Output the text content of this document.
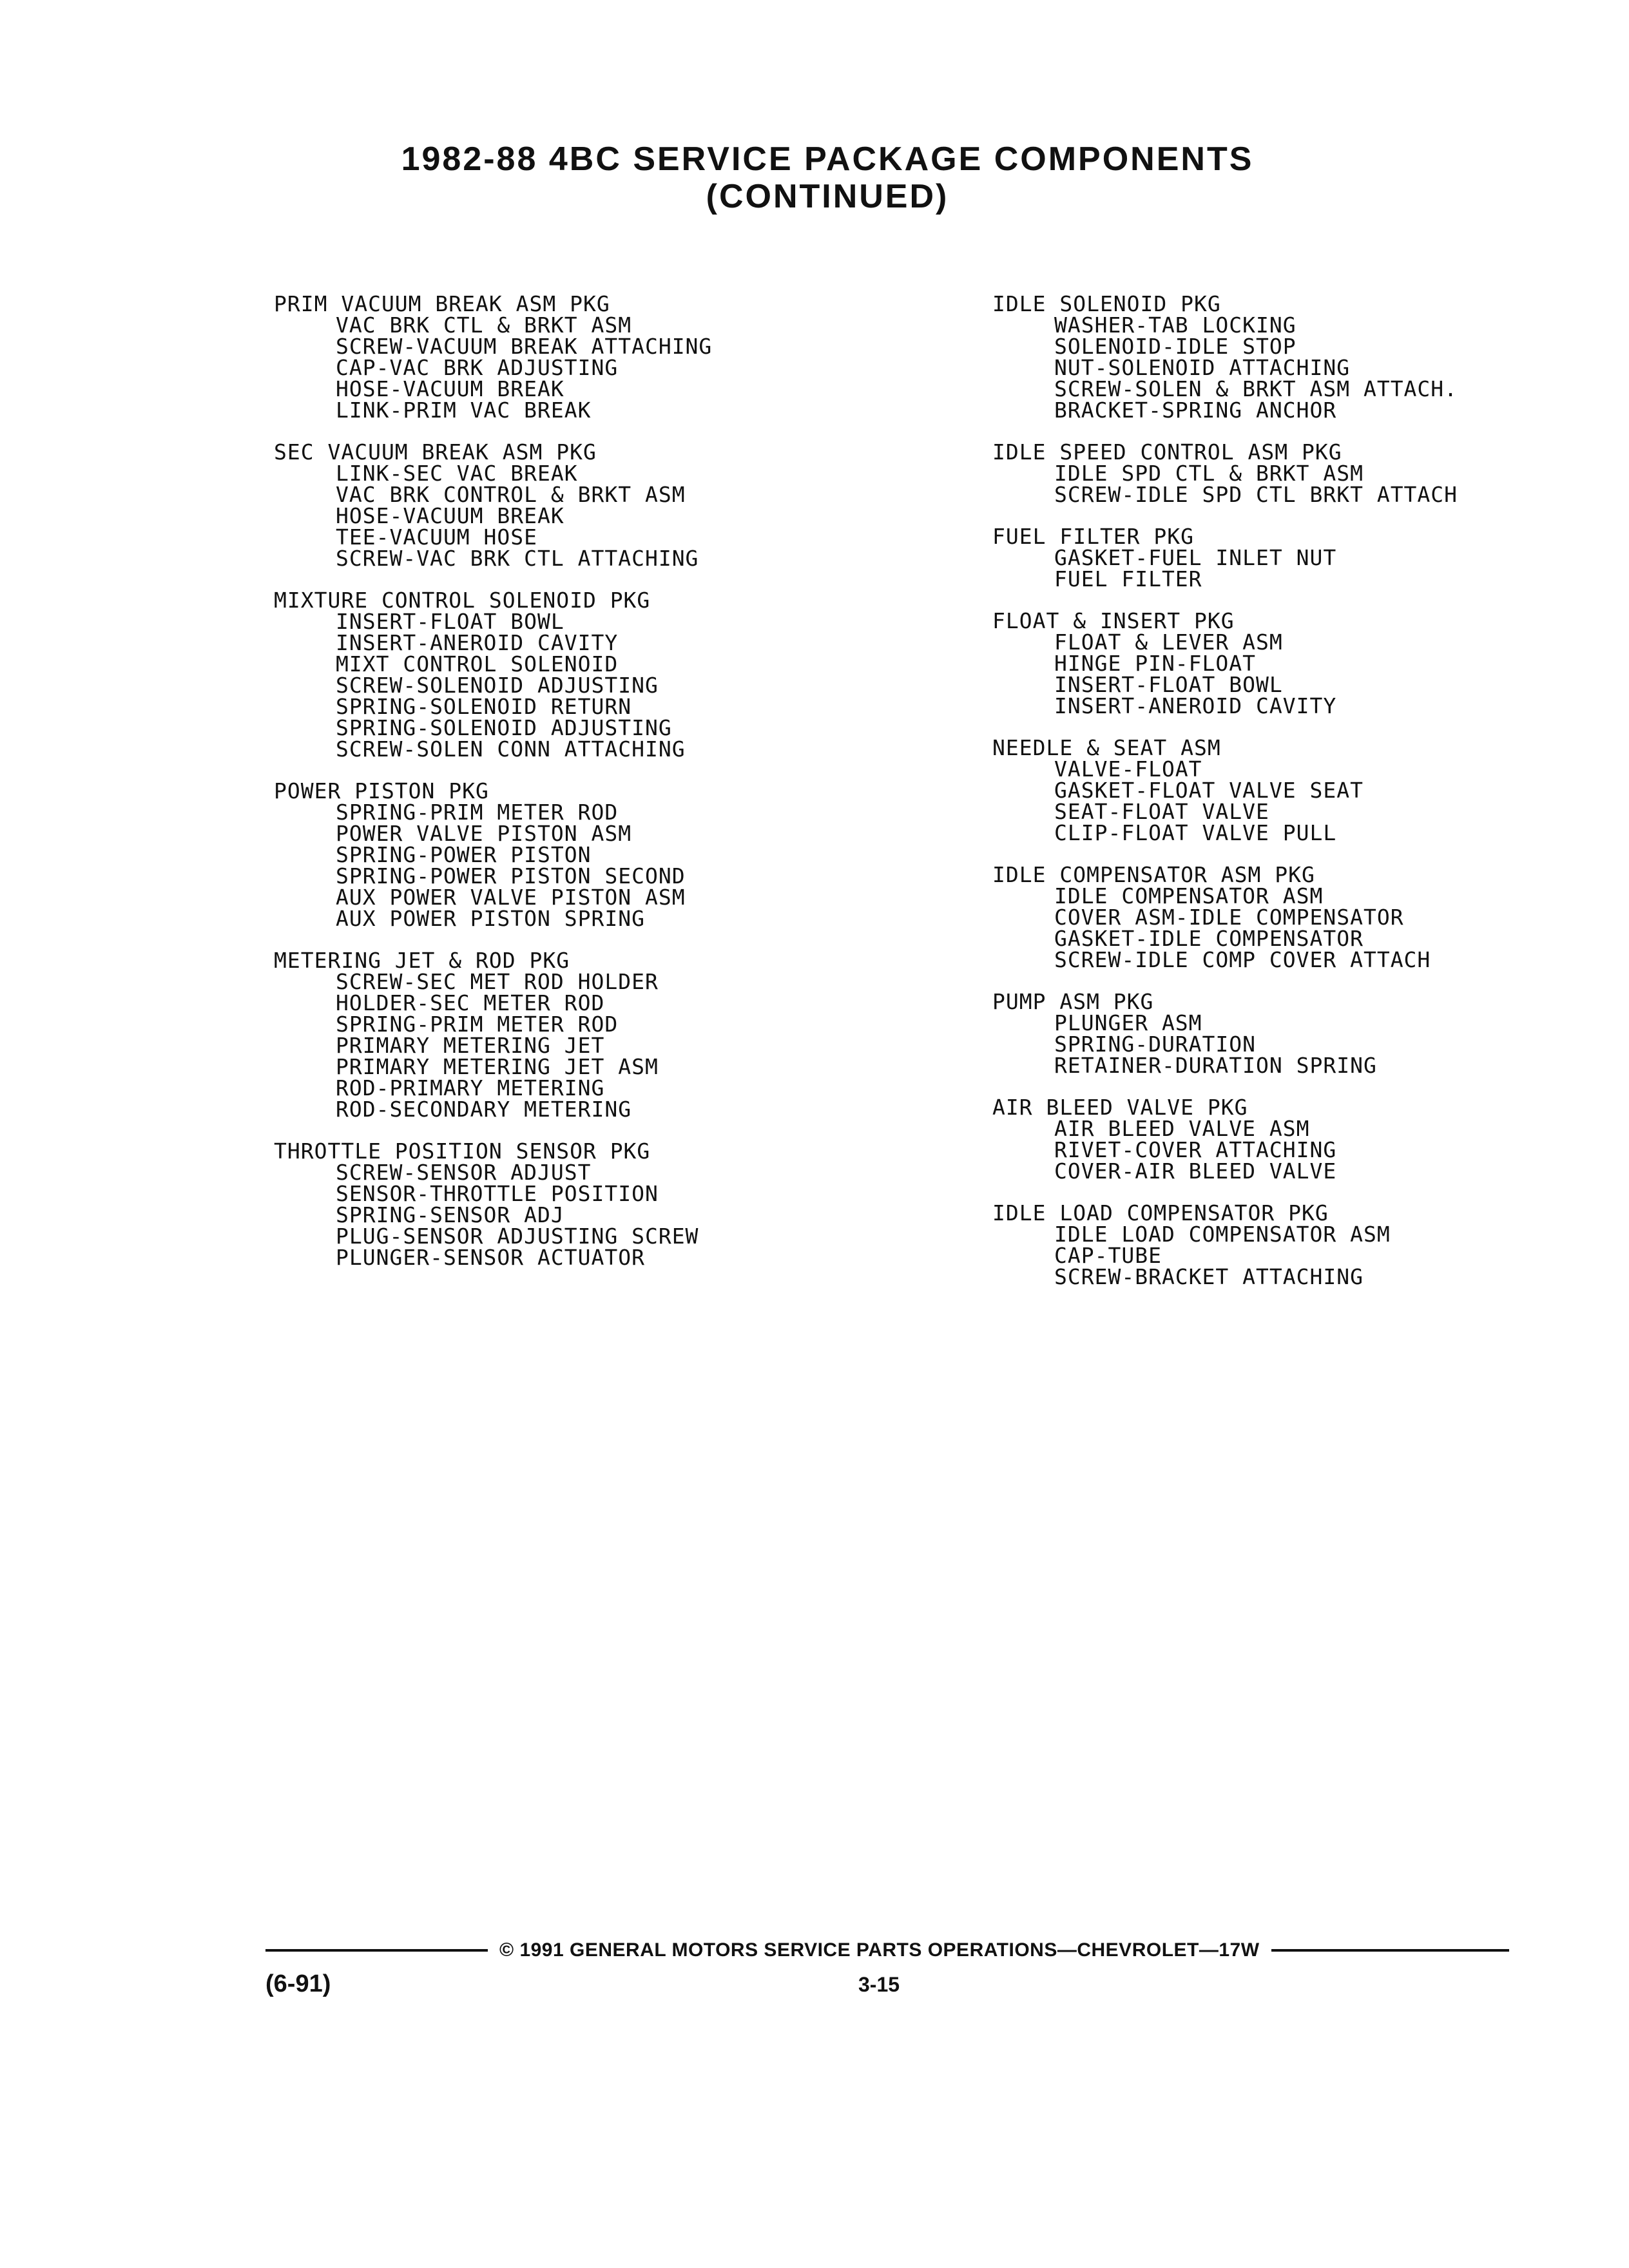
1982-88 4BC SERVICE PACKAGE COMPONENTS
(CONTINUED)
PRIM VACUUM BREAK ASM PKG
VAC BRK CTL & BRKT ASM
SCREW-VACUUM BREAK ATTACHING
CAP-VAC BRK ADJUSTING
HOSE-VACUUM BREAK
LINK-PRIM VAC BREAK
SEC VACUUM BREAK ASM PKG
LINK-SEC VAC BREAK
VAC BRK CONTROL & BRKT ASM
HOSE-VACUUM BREAK
TEE-VACUUM HOSE
SCREW-VAC BRK CTL ATTACHING
MIXTURE CONTROL SOLENOID PKG
INSERT-FLOAT BOWL
INSERT-ANEROID CAVITY
MIXT CONTROL SOLENOID
SCREW-SOLENOID ADJUSTING
SPRING-SOLENOID RETURN
SPRING-SOLENOID ADJUSTING
SCREW-SOLEN CONN ATTACHING
POWER PISTON PKG
SPRING-PRIM METER ROD
POWER VALVE PISTON ASM
SPRING-POWER PISTON
SPRING-POWER PISTON SECOND
AUX POWER VALVE PISTON ASM
AUX POWER PISTON SPRING
METERING JET & ROD PKG
SCREW-SEC MET ROD HOLDER
HOLDER-SEC METER ROD
SPRING-PRIM METER ROD
PRIMARY METERING JET
PRIMARY METERING JET ASM
ROD-PRIMARY METERING
ROD-SECONDARY METERING
THROTTLE POSITION SENSOR PKG
SCREW-SENSOR ADJUST
SENSOR-THROTTLE POSITION
SPRING-SENSOR ADJ
PLUG-SENSOR ADJUSTING SCREW
PLUNGER-SENSOR ACTUATOR
IDLE SOLENOID PKG
WASHER-TAB LOCKING
SOLENOID-IDLE STOP
NUT-SOLENOID ATTACHING
SCREW-SOLEN & BRKT ASM ATTACH.
BRACKET-SPRING ANCHOR
IDLE SPEED CONTROL ASM PKG
IDLE SPD CTL & BRKT ASM
SCREW-IDLE SPD CTL BRKT ATTACH
FUEL FILTER PKG
GASKET-FUEL INLET NUT
FUEL FILTER
FLOAT & INSERT PKG
FLOAT & LEVER ASM
HINGE PIN-FLOAT
INSERT-FLOAT BOWL
INSERT-ANEROID CAVITY
NEEDLE & SEAT ASM
VALVE-FLOAT
GASKET-FLOAT VALVE SEAT
SEAT-FLOAT VALVE
CLIP-FLOAT VALVE PULL
IDLE COMPENSATOR ASM PKG
IDLE COMPENSATOR ASM
COVER ASM-IDLE COMPENSATOR
GASKET-IDLE COMPENSATOR
SCREW-IDLE COMP COVER ATTACH
PUMP ASM PKG
PLUNGER ASM
SPRING-DURATION
RETAINER-DURATION SPRING
AIR BLEED VALVE PKG
AIR BLEED VALVE ASM
RIVET-COVER ATTACHING
COVER-AIR BLEED VALVE
IDLE LOAD COMPENSATOR PKG
IDLE LOAD COMPENSATOR ASM
CAP-TUBE
SCREW-BRACKET ATTACHING
© 1991 GENERAL MOTORS SERVICE PARTS OPERATIONS—CHEVROLET—17W
(6-91)	3-15
